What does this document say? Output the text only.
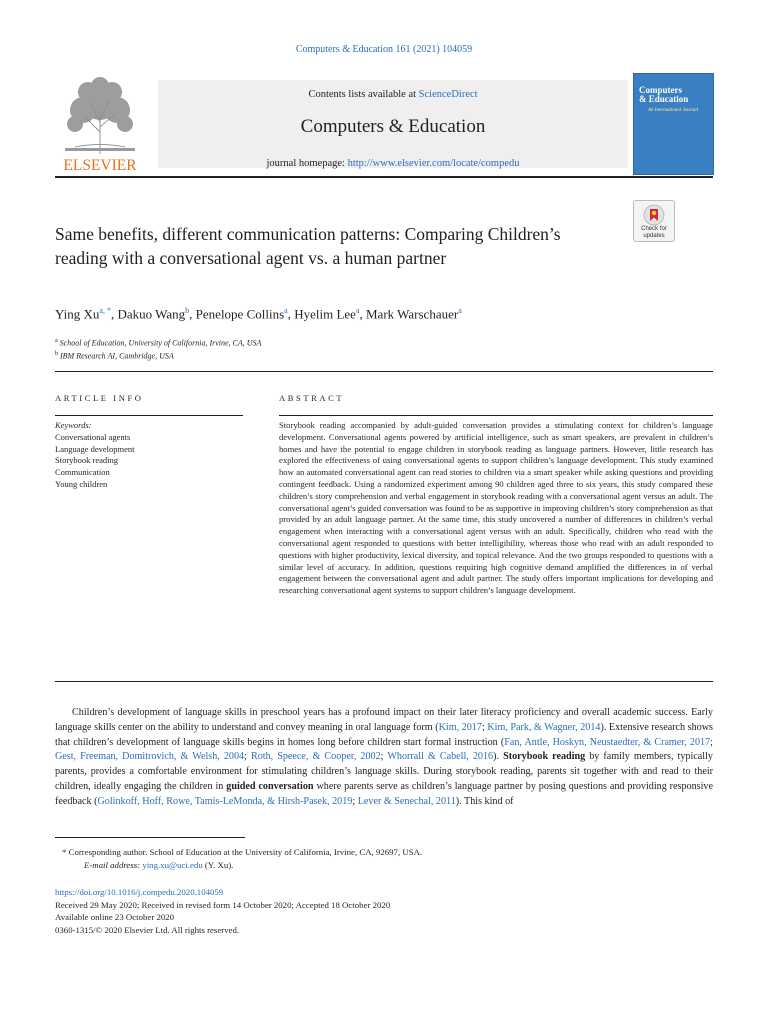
Computers & Education 161 (2021) 104059
ELSEVIER
Contents lists available at ScienceDirect
Computers & Education
journal homepage: http://www.elsevier.com/locate/compedu
Computers
& Education
An International Journal
Check for updates
Same benefits, different communication patterns: Comparing Children’s reading with a conversational agent vs. a human partner
Ying $Xu^{a, *}$, Dakuo Wang$^b$, Penelope Collins$^a$, Hyelim Lee$^a$, Mark Warschauer$^a$
$^a$ School of Education, University of California, Irvine, CA, USA
$^b$ IBM Research AI, Cambridge, USA
ARTICLE INFO	ABSTRACT
Keywords:
Conversational agents
Language development
Storybook reading
Communication
Young children
Storybook reading accompanied by adult-guided conversation provides a stimulating context for children’s language development. Conversational agents powered by artificial intelligence, such as smart speakers, are prevalent in children’s homes and have the potential to engage children in storybook reading as language partners. However, little research has explored the effectiveness of using conversational agents to support children’s language development. This study examined how an automated conversational agent can read stories to children via a smart speaker while asking questions and providing contingent feedback. Using a randomized experiment among 90 children aged three to six years, this study compared these children’s story comprehension and verbal engagement in storybook reading with a conversational agent versus an adult. The conversational agent’s guided conversation was found to be as supportive in improving children’s story comprehension as that provided by an adult language partner. At the same time, this study uncovered a number of differences in children’s verbal engagement when interacting with a conversational agent versus with an adult. Specifically, children who read with the conversational agent responded to questions with better intelligibility, whereas those who read with an adult responded to questions with higher productivity, lexical diversity, and topical relevance. And the two groups responded to questions with a similar level of accuracy. In addition, questions requiring high cognitive demand amplified the differences in of verbal engagement between the conversational agent and adult partner. The study offers important implications for developing and researching conversational agent systems to support children’s language development.
Children’s development of language skills in preschool years has a profound impact on their later literacy proficiency and overall academic success. Early language skills center on the ability to understand and convey meaning in oral language form (Kim, 2017; Kim, Park, & Wagner, 2014). Extensive research shows that children’s development of language skills begins in homes long before children start formal instruction (Fan, Antle, Hoskyn, Neustaedter, & Cramer, 2017; Gest, Freeman, Domitrovich, & Welsh, 2004; Roth, Speece, & Cooper, 2002; Whorrall & Cabell, 2016). Storybook reading by family members, typically parents, provides a comfortable environment for stimulating children’s language skills. During storybook reading, parents sit together with and read to their children, ideally engaging the children in guided conversation where parents serve as children’s language partner by posing questions and providing responsive feedback (Golinkoff, Hoff, Rowe, Tamis-LeMonda, & Hirsh-Pasek, 2019; Lever & Senechal, 2011). This kind of
* Corresponding author. School of Education at the University of California, Irvine, CA, 92697, USA.
E-mail address: ying.xu@uci.edu (Y. Xu).
https://doi.org/10.1016/j.compedu.2020.104059
Received 29 May 2020; Received in revised form 14 October 2020; Accepted 18 October 2020
Available online 23 October 2020
0360-1315/© 2020 Elsevier Ltd. All rights reserved.
